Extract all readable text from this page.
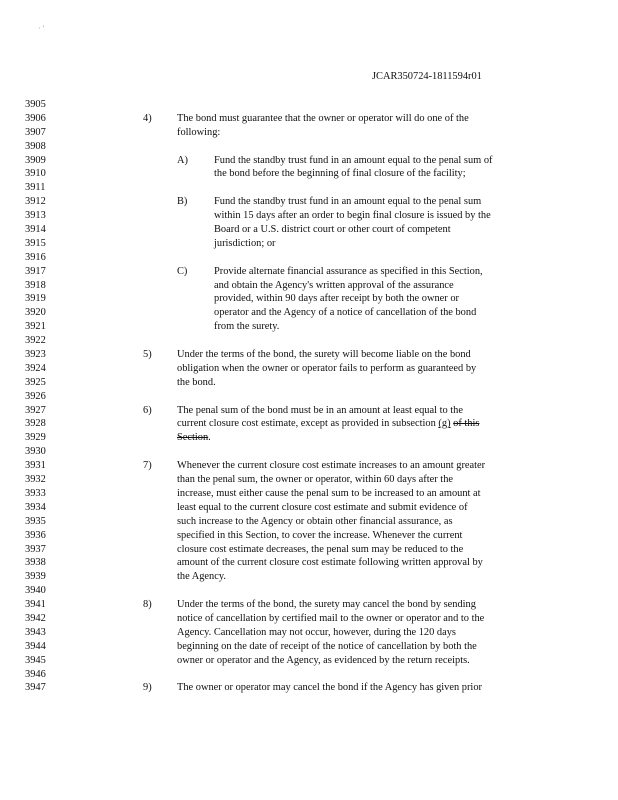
· '
JCAR350724-1811594r01
3905
3906	4) The bond must guarantee that the owner or operator will do one of the
3907	following:
3908
3909	A)	Fund the standby trust fund in an amount equal to the penal sum of
3910	the bond before the beginning of final closure of the facility;
3911
3912	B)	Fund the standby trust fund in an amount equal to the penal sum
3913	within 15 days after an order to begin final closure is issued by the
3914	Board or a U.S. district court or other court of competent
3915	jurisdiction; or
3916
3917	C)	Provide alternate financial assurance as specified in this Section,
3918	and obtain the Agency's written approval of the assurance
3919	provided, within 90 days after receipt by both the owner or
3920	operator and the Agency of a notice of cancellation of the bond
3921	from the surety.
3922
3923	5) Under the terms of the bond, the surety will become liable on the bond
3924	obligation when the owner or operator fails to perform as guaranteed by
3925	the bond.
3926
3927	6) The penal sum of the bond must be in an amount at least equal to the
3928	current closure cost estimate, except as provided in subsection (g) of this
3929	Section.
3930
3931	7) Whenever the current closure cost estimate increases to an amount greater
3932	than the penal sum, the owner or operator, within 60 days after the
3933	increase, must either cause the penal sum to be increased to an amount at
3934	least equal to the current closure cost estimate and submit evidence of
3935	such increase to the Agency or obtain other financial assurance, as
3936	specified in this Section, to cover the increase. Whenever the current
3937	closure cost estimate decreases, the penal sum may be reduced to the
3938	amount of the current closure cost estimate following written approval by
3939	the Agency.
3940
3941	8) Under the terms of the bond, the surety may cancel the bond by sending
3942	notice of cancellation by certified mail to the owner or operator and to the
3943	Agency. Cancellation may not occur, however, during the 120 days
3944	beginning on the date of receipt of the notice of cancellation by both the
3945	owner or operator and the Agency, as evidenced by the return receipts.
3946
3947	9) The owner or operator may cancel the bond if the Agency has given prior
